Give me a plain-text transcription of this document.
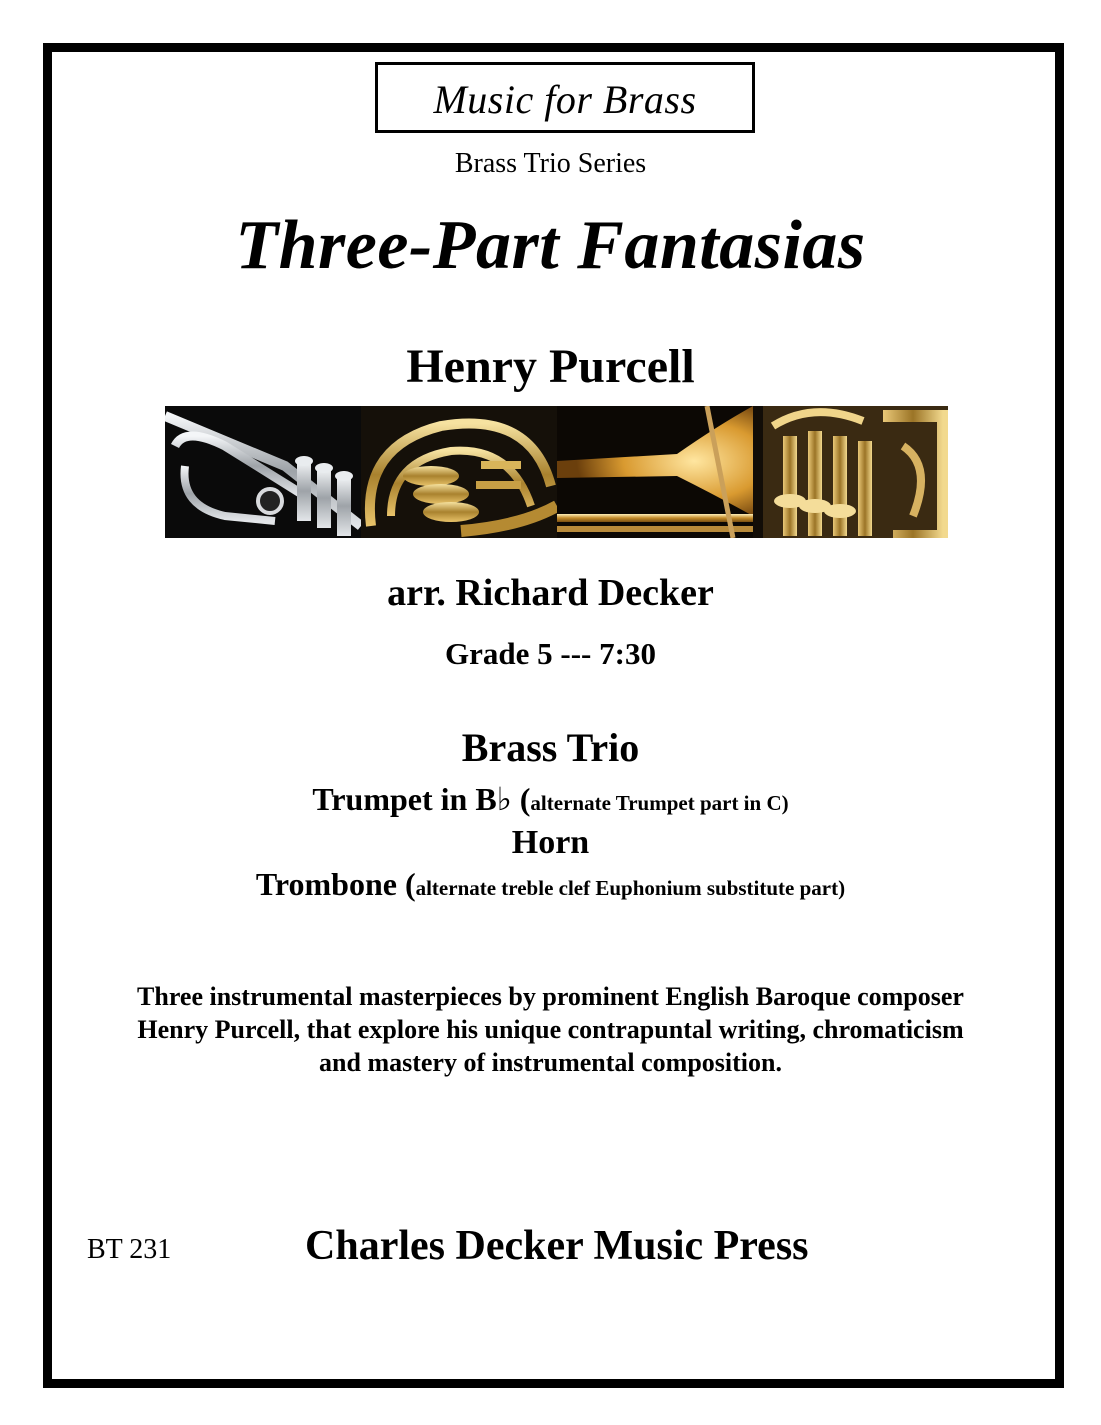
Music for Brass
Brass Trio Series
Three-Part Fantasias
Henry Purcell
arr. Richard Decker
Grade 5 --- 7:30
Brass Trio
Trumpet in B♭ (alternate Trumpet part in C)
Horn
Trombone (alternate treble clef Euphonium substitute part)
Three instrumental masterpieces by prominent English Baroque composer
Henry Purcell, that explore his unique contrapuntal writing, chromaticism
and mastery of instrumental composition.
BT 231	Charles Decker Music Press
